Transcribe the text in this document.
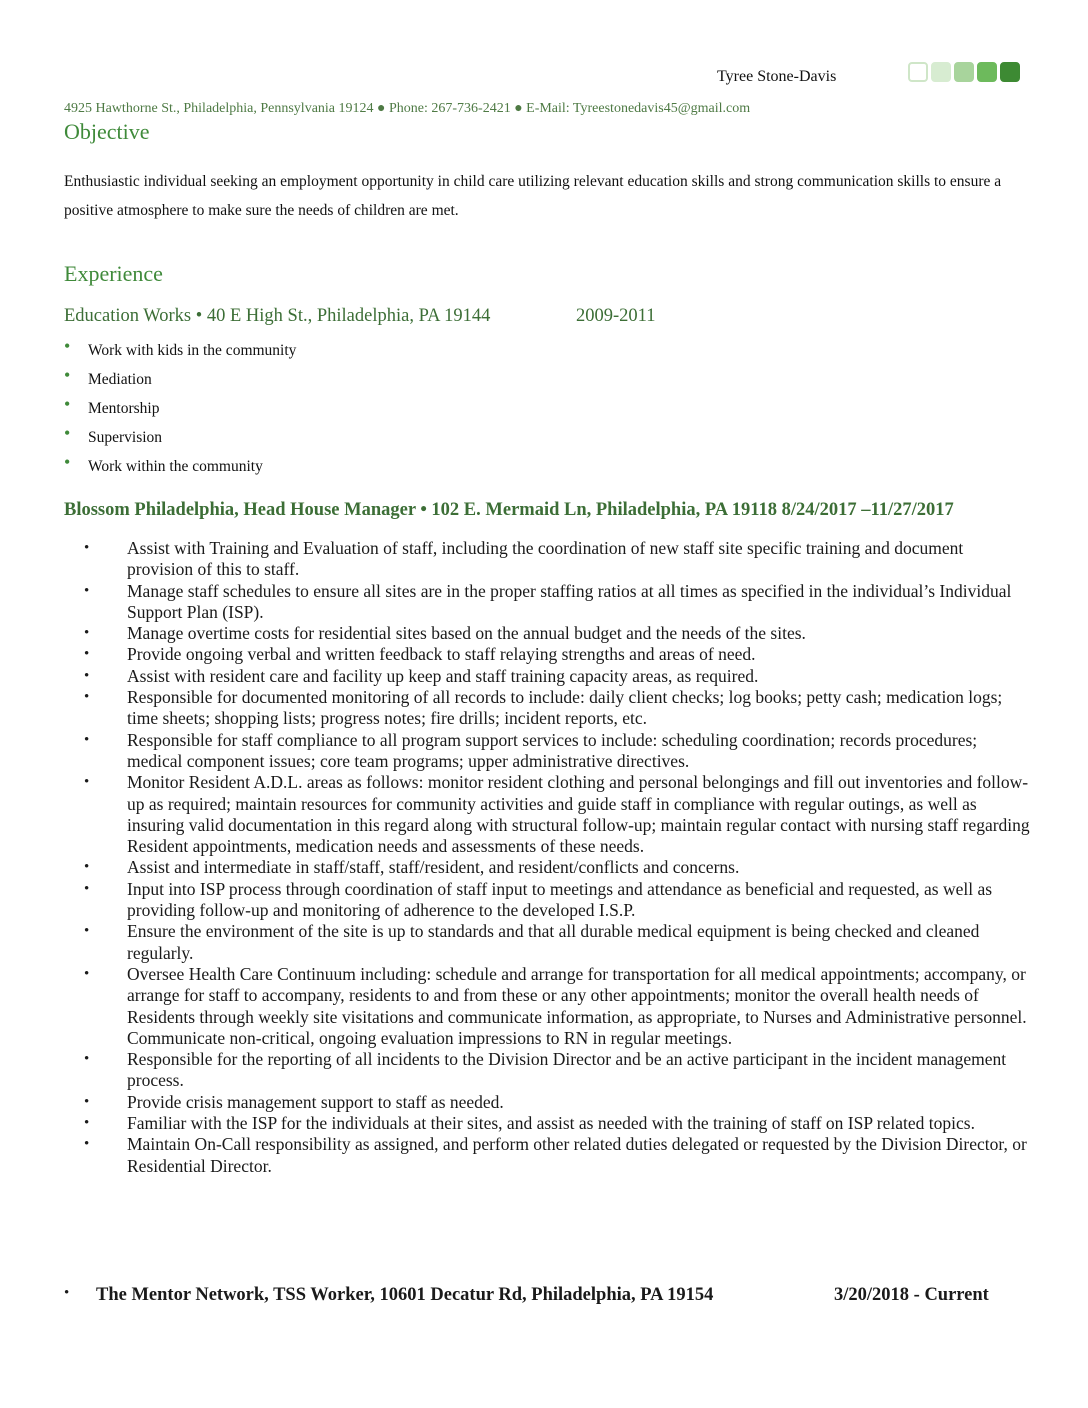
Tyree Stone-Davis
4925 Hawthorne St., Philadelphia, Pennsylvania 19124 ● Phone: 267-736-2421 ● E-Mail: Tyreestonedavis45@gmail.com
Objective
Enthusiastic individual seeking an employment opportunity in child care utilizing relevant education skills and strong communication skills to ensure a positive atmosphere to make sure the needs of children are met.
Experience
Education Works • 40 E High St., Philadelphia, PA 19144	2009-2011
• Work with kids in the community
• Mediation
• Mentorship
• Supervision
• Work within the community
Blossom Philadelphia, Head House Manager • 102 E. Mermaid Ln, Philadelphia, PA 19118 8/24/2017 –11/27/2017
• Assist with Training and Evaluation of staff, including the coordination of new staff site specific training and document provision of this to staff.
• Manage staff schedules to ensure all sites are in the proper staffing ratios at all times as specified in the individual’s Individual Support Plan (ISP).
• Manage overtime costs for residential sites based on the annual budget and the needs of the sites.
• Provide ongoing verbal and written feedback to staff relaying strengths and areas of need.
• Assist with resident care and facility up keep and staff training capacity areas, as required.
• Responsible for documented monitoring of all records to include: daily client checks; log books; petty cash; medication logs; time sheets; shopping lists; progress notes; fire drills; incident reports, etc.
• Responsible for staff compliance to all program support services to include: scheduling coordination; records procedures; medical component issues; core team programs; upper administrative directives.
• Monitor Resident A.D.L. areas as follows: monitor resident clothing and personal belongings and fill out inventories and follow-up as required; maintain resources for community activities and guide staff in compliance with regular outings, as well as insuring valid documentation in this regard along with structural follow-up; maintain regular contact with nursing staff regarding Resident appointments, medication needs and assessments of these needs.
• Assist and intermediate in staff/staff, staff/resident, and resident/conflicts and concerns.
• Input into ISP process through coordination of staff input to meetings and attendance as beneficial and requested, as well as providing follow-up and monitoring of adherence to the developed I.S.P.
• Ensure the environment of the site is up to standards and that all durable medical equipment is being checked and cleaned regularly.
• Oversee Health Care Continuum including: schedule and arrange for transportation for all medical appointments; accompany, or arrange for staff to accompany, residents to and from these or any other appointments; monitor the overall health needs of Residents through weekly site visitations and communicate information, as appropriate, to Nurses and Administrative personnel. Communicate non-critical, ongoing evaluation impressions to RN in regular meetings.
• Responsible for the reporting of all incidents to the Division Director and be an active participant in the incident management process.
• Provide crisis management support to staff as needed.
• Familiar with the ISP for the individuals at their sites, and assist as needed with the training of staff on ISP related topics.
• Maintain On-Call responsibility as assigned, and perform other related duties delegated or requested by the Division Director, or Residential Director.
• The Mentor Network, TSS Worker, 10601 Decatur Rd, Philadelphia, PA 19154	3/20/2018 - Current
